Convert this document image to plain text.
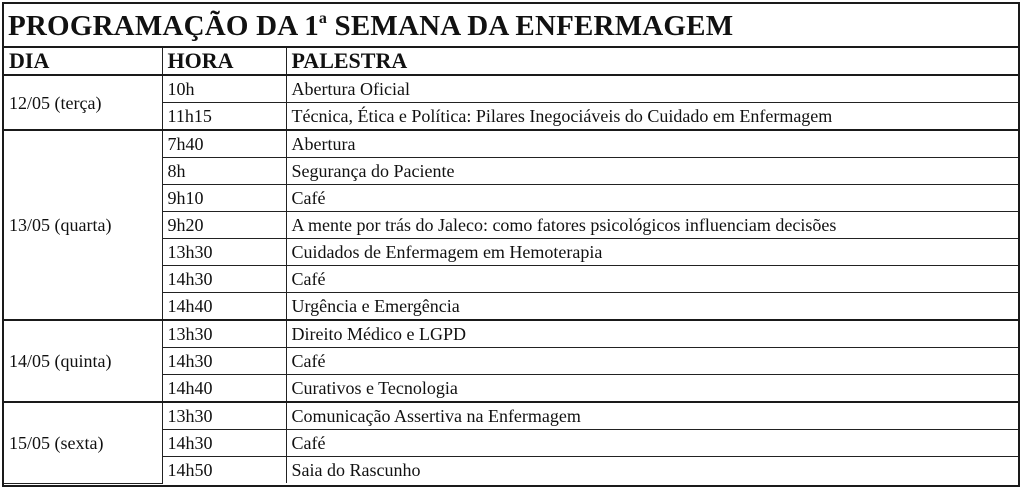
PROGRAMAÇÃO DA 1$^a$ SEMANA DA ENFERMAGEM
DIA	HORA	PALESTRA
12/05 (terça)	10h	Abertura Oficial
	11h15	Técnica, Ética e Política: Pilares Inegociáveis do Cuidado em Enfermagem
13/05 (quarta)	7h40	Abertura
	8h	Segurança do Paciente
	9h10	Café
	9h20	A mente por trás do Jaleco: como fatores psicológicos influenciam decisões
	13h30	Cuidados de Enfermagem em Hemoterapia
	14h30	Café
	14h40	Urgência e Emergência
14/05 (quinta)	13h30	Direito Médico e LGPD
	14h30	Café
	14h40	Curativos e Tecnologia
15/05 (sexta)	13h30	Comunicação Assertiva na Enfermagem
	14h30	Café
	14h50	Saia do Rascunho
